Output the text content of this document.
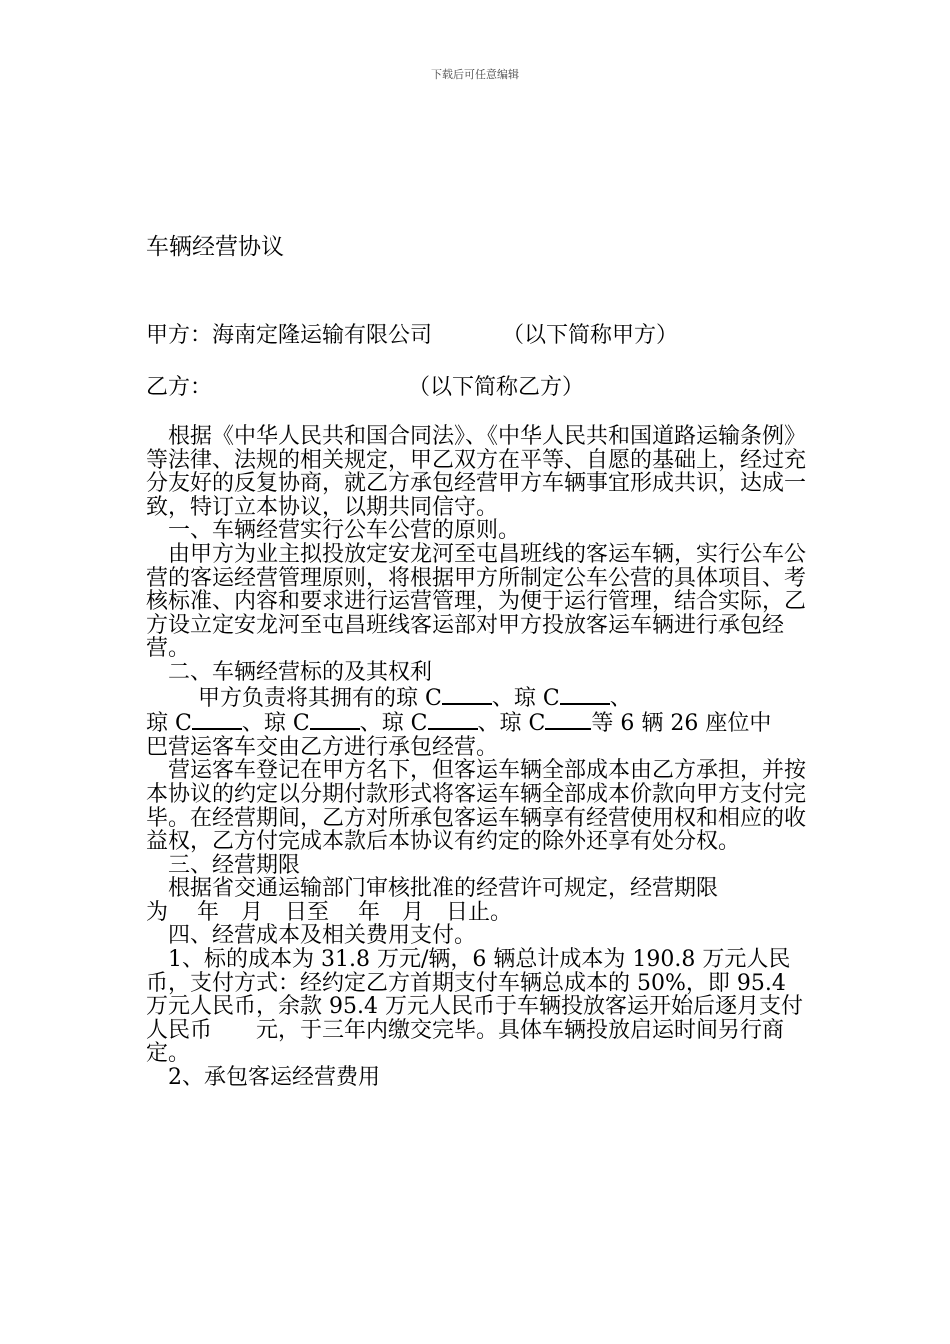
下载后可任意编辑
车辆经营协议
甲方：海南定隆运输有限公司	（以下简称甲方）
乙方：	（以下简称乙方）

根据《中华人民共和国合同法》、《中华人民共和国道路运输条例》等法律、法规的相关规定，甲乙双方在平等、自愿的基础上，经过充分友好的反复协商，就乙方承包经营甲方车辆事宜形成共识，达成一致，特订立本协议，以期共同信守。

一、车辆经营实行公车公营的原则。

由甲方为业主拟投放定安龙河至屯昌班线的客运车辆，实行公车公营的客运经营管理原则，将根据甲方所制定公车公营的具体项目、考核标准、内容和要求进行运营管理，为便于运行管理，结合实际，乙方设立定安龙河至屯昌班线客运部对甲方投放客运车辆进行承包经营。

二、车辆经营标的及其权利

甲方负责将其拥有的琼 C 、琼 C 、

琼 C 、琼 C 、琼 C 、琼 C 等 6 辆 26 座位中

巴营运客车交由乙方进行承包经营。

营运客车登记在甲方名下，但客运车辆全部成本由乙方承担，并按本协议的约定以分期付款形式将客运车辆全部成本价款向甲方支付完毕。在经营期间，乙方对所承包客运车辆享有经营使用权和相应的收益权，乙方付完成本款后本协议有约定的除外还享有处分权。

三、经营期限

根据省交通运输部门审核批准的经营许可规定，经营期限

为　 年　月　日至　 年　月　日止。

四、经营成本及相关费用支付。

1、标的成本为 31.8 万元/辆，6 辆总计成本为 190.8 万元人民币，支付方式：经约定乙方首期支付车辆总成本的 50%，即 95.4 万元人民币，余款 95.4 万元人民币于车辆投放客运开始后逐月支付人民币　　元，于三年内缴交完毕。具体车辆投放启运时间另行商定。

2、承包客运经营费用
